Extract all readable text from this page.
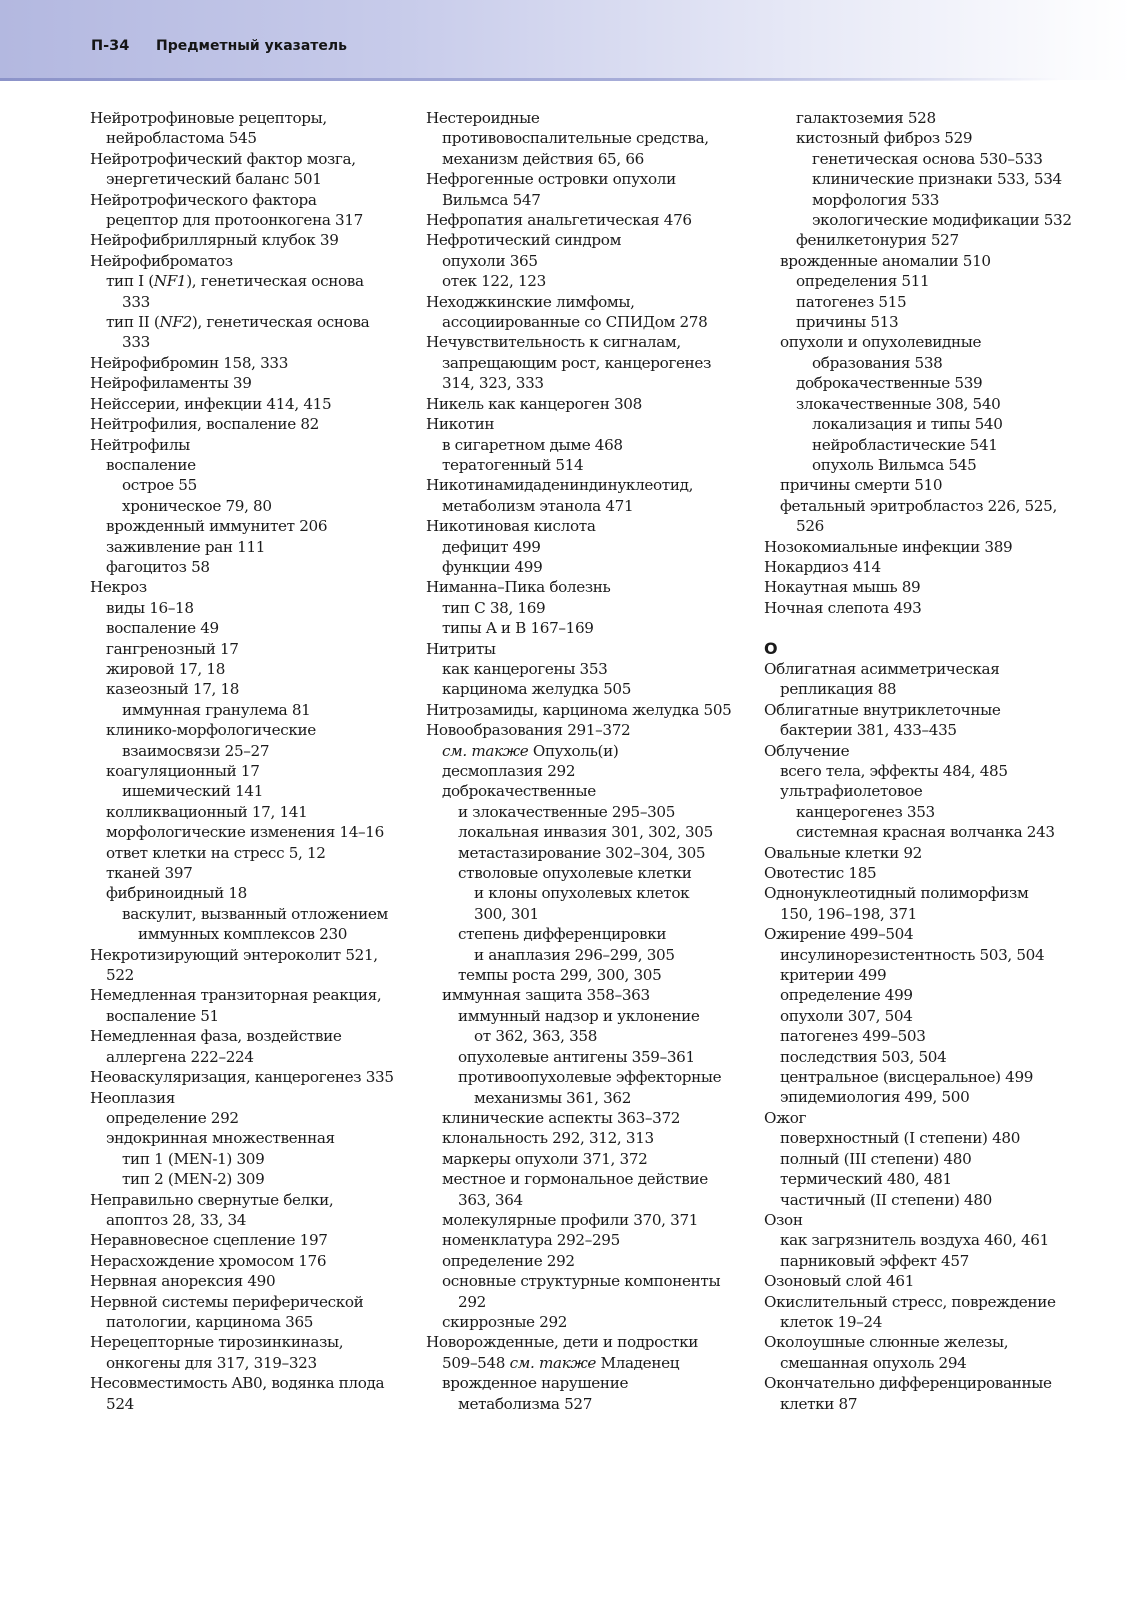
П-34 Предметный указатель
Нейротрофиновые рецепторы,
нейробластома 545
Нейротрофический фактор мозга,
энергетический баланс 501
Нейротрофического фактора
рецептор для протоонкогена 317
Нейрофибриллярный клубок 39
Нейрофиброматоз
тип I (NF1), генетическая основа
333
тип II (NF2), генетическая основа
333
Нейрофибромин 158, 333
Нейрофиламенты 39
Нейссерии, инфекции 414, 415
Нейтрофилия, воспаление 82
Нейтрофилы
воспаление
острое 55
хроническое 79, 80
врожденный иммунитет 206
заживление ран 111
фагоцитоз 58
Некроз
виды 16–18
воспаление 49
гангренозный 17
жировой 17, 18
казеозный 17, 18
иммунная гранулема 81
клинико-морфологические
взаимосвязи 25–27
коагуляционный 17
ишемический 141
колликвационный 17, 141
морфологические изменения 14–16
ответ клетки на стресс 5, 12
тканей 397
фибриноидный 18
васкулит, вызванный отложением
иммунных комплексов 230
Некротизирующий энтероколит 521,
522
Немедленная транзиторная реакция,
воспаление 51
Немедленная фаза, воздействие
аллергена 222–224
Неоваскуляризация, канцерогенез 335
Неоплазия
определение 292
эндокринная множественная
тип 1 (MEN-1) 309
тип 2 (MEN-2) 309
Неправильно свернутые белки,
апоптоз 28, 33, 34
Неравновесное сцепление 197
Нерасхождение хромосом 176
Нервная анорексия 490
Нервной системы периферической
патологии, карцинома 365
Нерецепторные тирозинкиназы,
онкогены для 317, 319–323
Несовместимость AB0, водянка плода
524
Нестероидные
противовоспалительные средства,
механизм действия 65, 66
Нефрогенные островки опухоли
Вильмса 547
Нефропатия анальгетическая 476
Нефротический синдром
опухоли 365
отек 122, 123
Неходжкинские лимфомы,
ассоциированные со СПИДом 278
Нечувствительность к сигналам,
запрещающим рост, канцерогенез
314, 323, 333
Никель как канцероген 308
Никотин
в сигаретном дыме 468
тератогенный 514
Никотинамидадениндинуклеотид,
метаболизм этанола 471
Никотиновая кислота
дефицит 499
функции 499
Ниманна–Пика болезнь
тип C 38, 169
типы A и B 167–169
Нитриты
как канцерогены 353
карцинома желудка 505
Нитрозамиды, карцинома желудка 505
Новообразования 291–372
см. также Опухоль(и)
десмоплазия 292
доброкачественные
и злокачественные 295–305
локальная инвазия 301, 302, 305
метастазирование 302–304, 305
стволовые опухолевые клетки
и клоны опухолевых клеток
300, 301
степень дифференцировки
и анаплазия 296–299, 305
темпы роста 299, 300, 305
иммунная защита 358–363
иммунный надзор и уклонение
от 362, 363, 358
опухолевые антигены 359–361
противоопухолевые эффекторные
механизмы 361, 362
клинические аспекты 363–372
клональность 292, 312, 313
маркеры опухоли 371, 372
местное и гормональное действие
363, 364
молекулярные профили 370, 371
номенклатура 292–295
определение 292
основные структурные компоненты
292
скиррозные 292
Новорожденные, дети и подростки
509–548 см. также Младенец
врожденное нарушение
метаболизма 527
галактоземия 528
кистозный фиброз 529
генетическая основа 530–533
клинические признаки 533, 534
морфология 533
экологические модификации 532
фенилкетонурия 527
врожденные аномалии 510
определения 511
патогенез 515
причины 513
опухоли и опухолевидные
образования 538
доброкачественные 539
злокачественные 308, 540
локализация и типы 540
нейробластические 541
опухоль Вильмса 545
причины смерти 510
фетальный эритробластоз 226, 525,
526
Нозокомиальные инфекции 389
Нокардиоз 414
Нокаутная мышь 89
Ночная слепота 493
O
Облигатная асимметрическая
репликация 88
Облигатные внутриклеточные
бактерии 381, 433–435
Облучение
всего тела, эффекты 484, 485
ультрафиолетовое
канцерогенез 353
системная красная волчанка 243
Овальные клетки 92
Овотестис 185
Однонуклеотидный полиморфизм
150, 196–198, 371
Ожирение 499–504
инсулинорезистентность 503, 504
критерии 499
определение 499
опухоли 307, 504
патогенез 499–503
последствия 503, 504
центральное (висцеральное) 499
эпидемиология 499, 500
Ожог
поверхностный (I степени) 480
полный (III степени) 480
термический 480, 481
частичный (II степени) 480
Озон
как загрязнитель воздуха 460, 461
парниковый эффект 457
Озоновый слой 461
Окислительный стресс, повреждение
клеток 19–24
Околоушные слюнные железы,
смешанная опухоль 294
Окончательно дифференцированные
клетки 87
